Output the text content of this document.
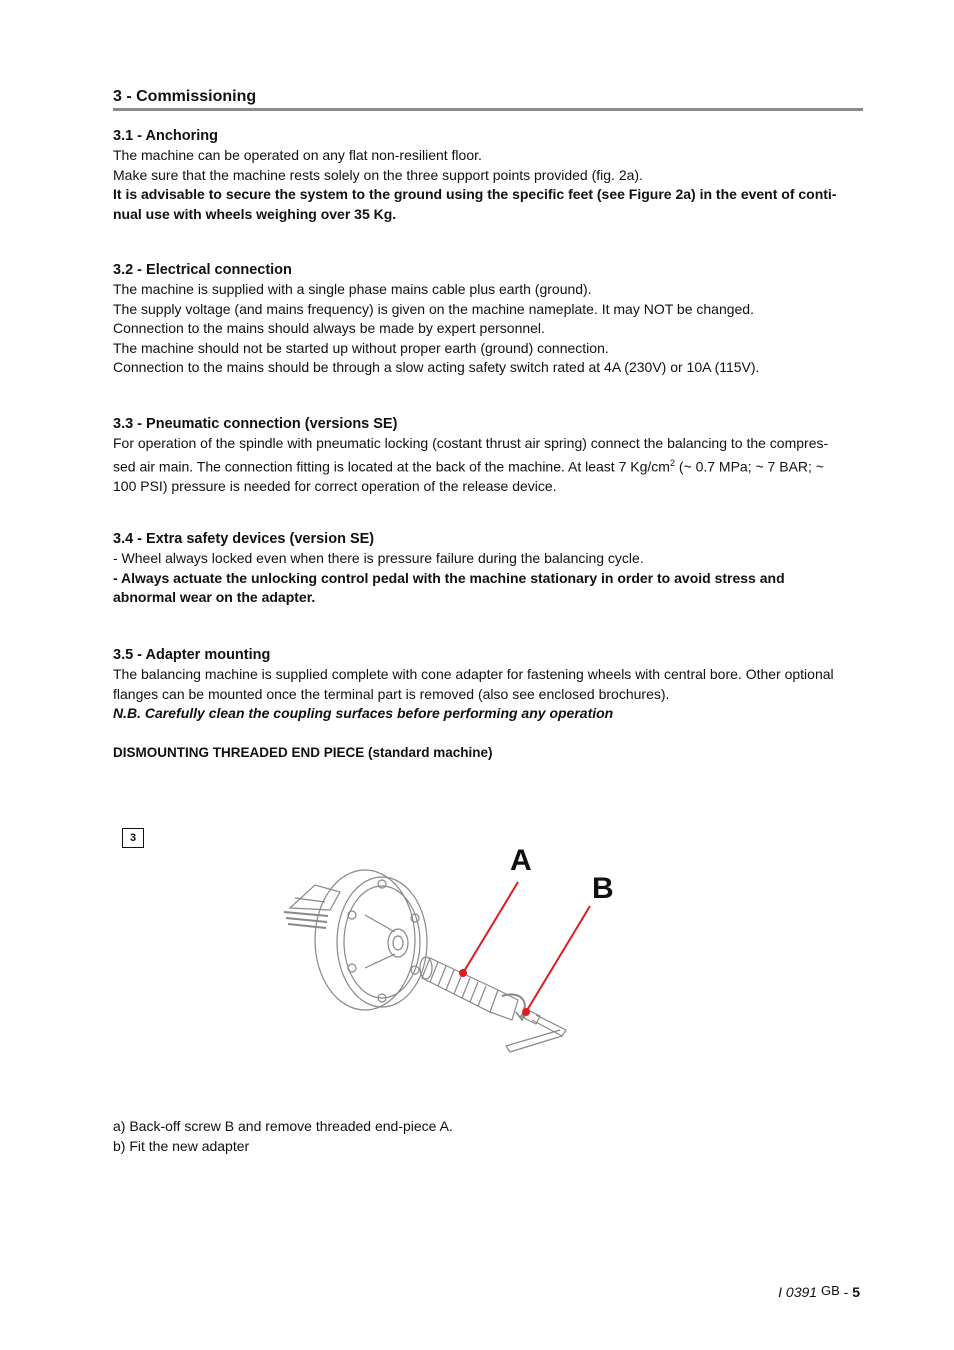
3 - Commissioning
3.1 - Anchoring

The machine can be operated on any flat non-resilient floor.

Make sure that the machine rests solely on the three support points provided (fig. 2a).

It is advisable to secure the system to the ground using the specific feet (see Figure 2a) in the event of conti-

nual use with wheels weighing over 35 Kg.

3.2 - Electrical connection

The machine is supplied with a single phase mains cable plus earth (ground).

The supply voltage (and mains frequency) is given on the machine nameplate. It may NOT be changed.

Connection to the mains should always be made by expert personnel.

The machine should not be started up without proper earth (ground) connection.

Connection to the mains should be through a slow acting safety switch rated at 4A (230V) or 10A (115V).

3.3 - Pneumatic connection (versions SE)

For operation of the spindle with pneumatic locking (costant thrust air spring) connect the balancing to the compres-

sed air main. The connection fitting is located at the back of the machine. At least 7 $Kg/cm^2$ (~ 0.7 MPa; ~ 7 BAR; ~

100 PSI) pressure is needed for correct operation of the release device.

3.4 - Extra safety devices (version SE)

- Wheel always locked even when there is pressure failure during the balancing cycle.

- Always actuate the unlocking control pedal with the machine stationary in order to avoid stress and

abnormal wear on the adapter.

3.5 - Adapter mounting

The balancing machine is supplied complete with cone adapter for fastening wheels with central bore. Other optional

flanges can be mounted once the terminal part is removed (also see enclosed brochures).

N.B. Carefully clean the coupling surfaces before performing any operation

DISMOUNTING THREADED END PIECE (standard machine)

3
A
B

a) Back-off screw B and remove threaded end-piece A.

b) Fit the new adapter

I 0391 GB - 5
